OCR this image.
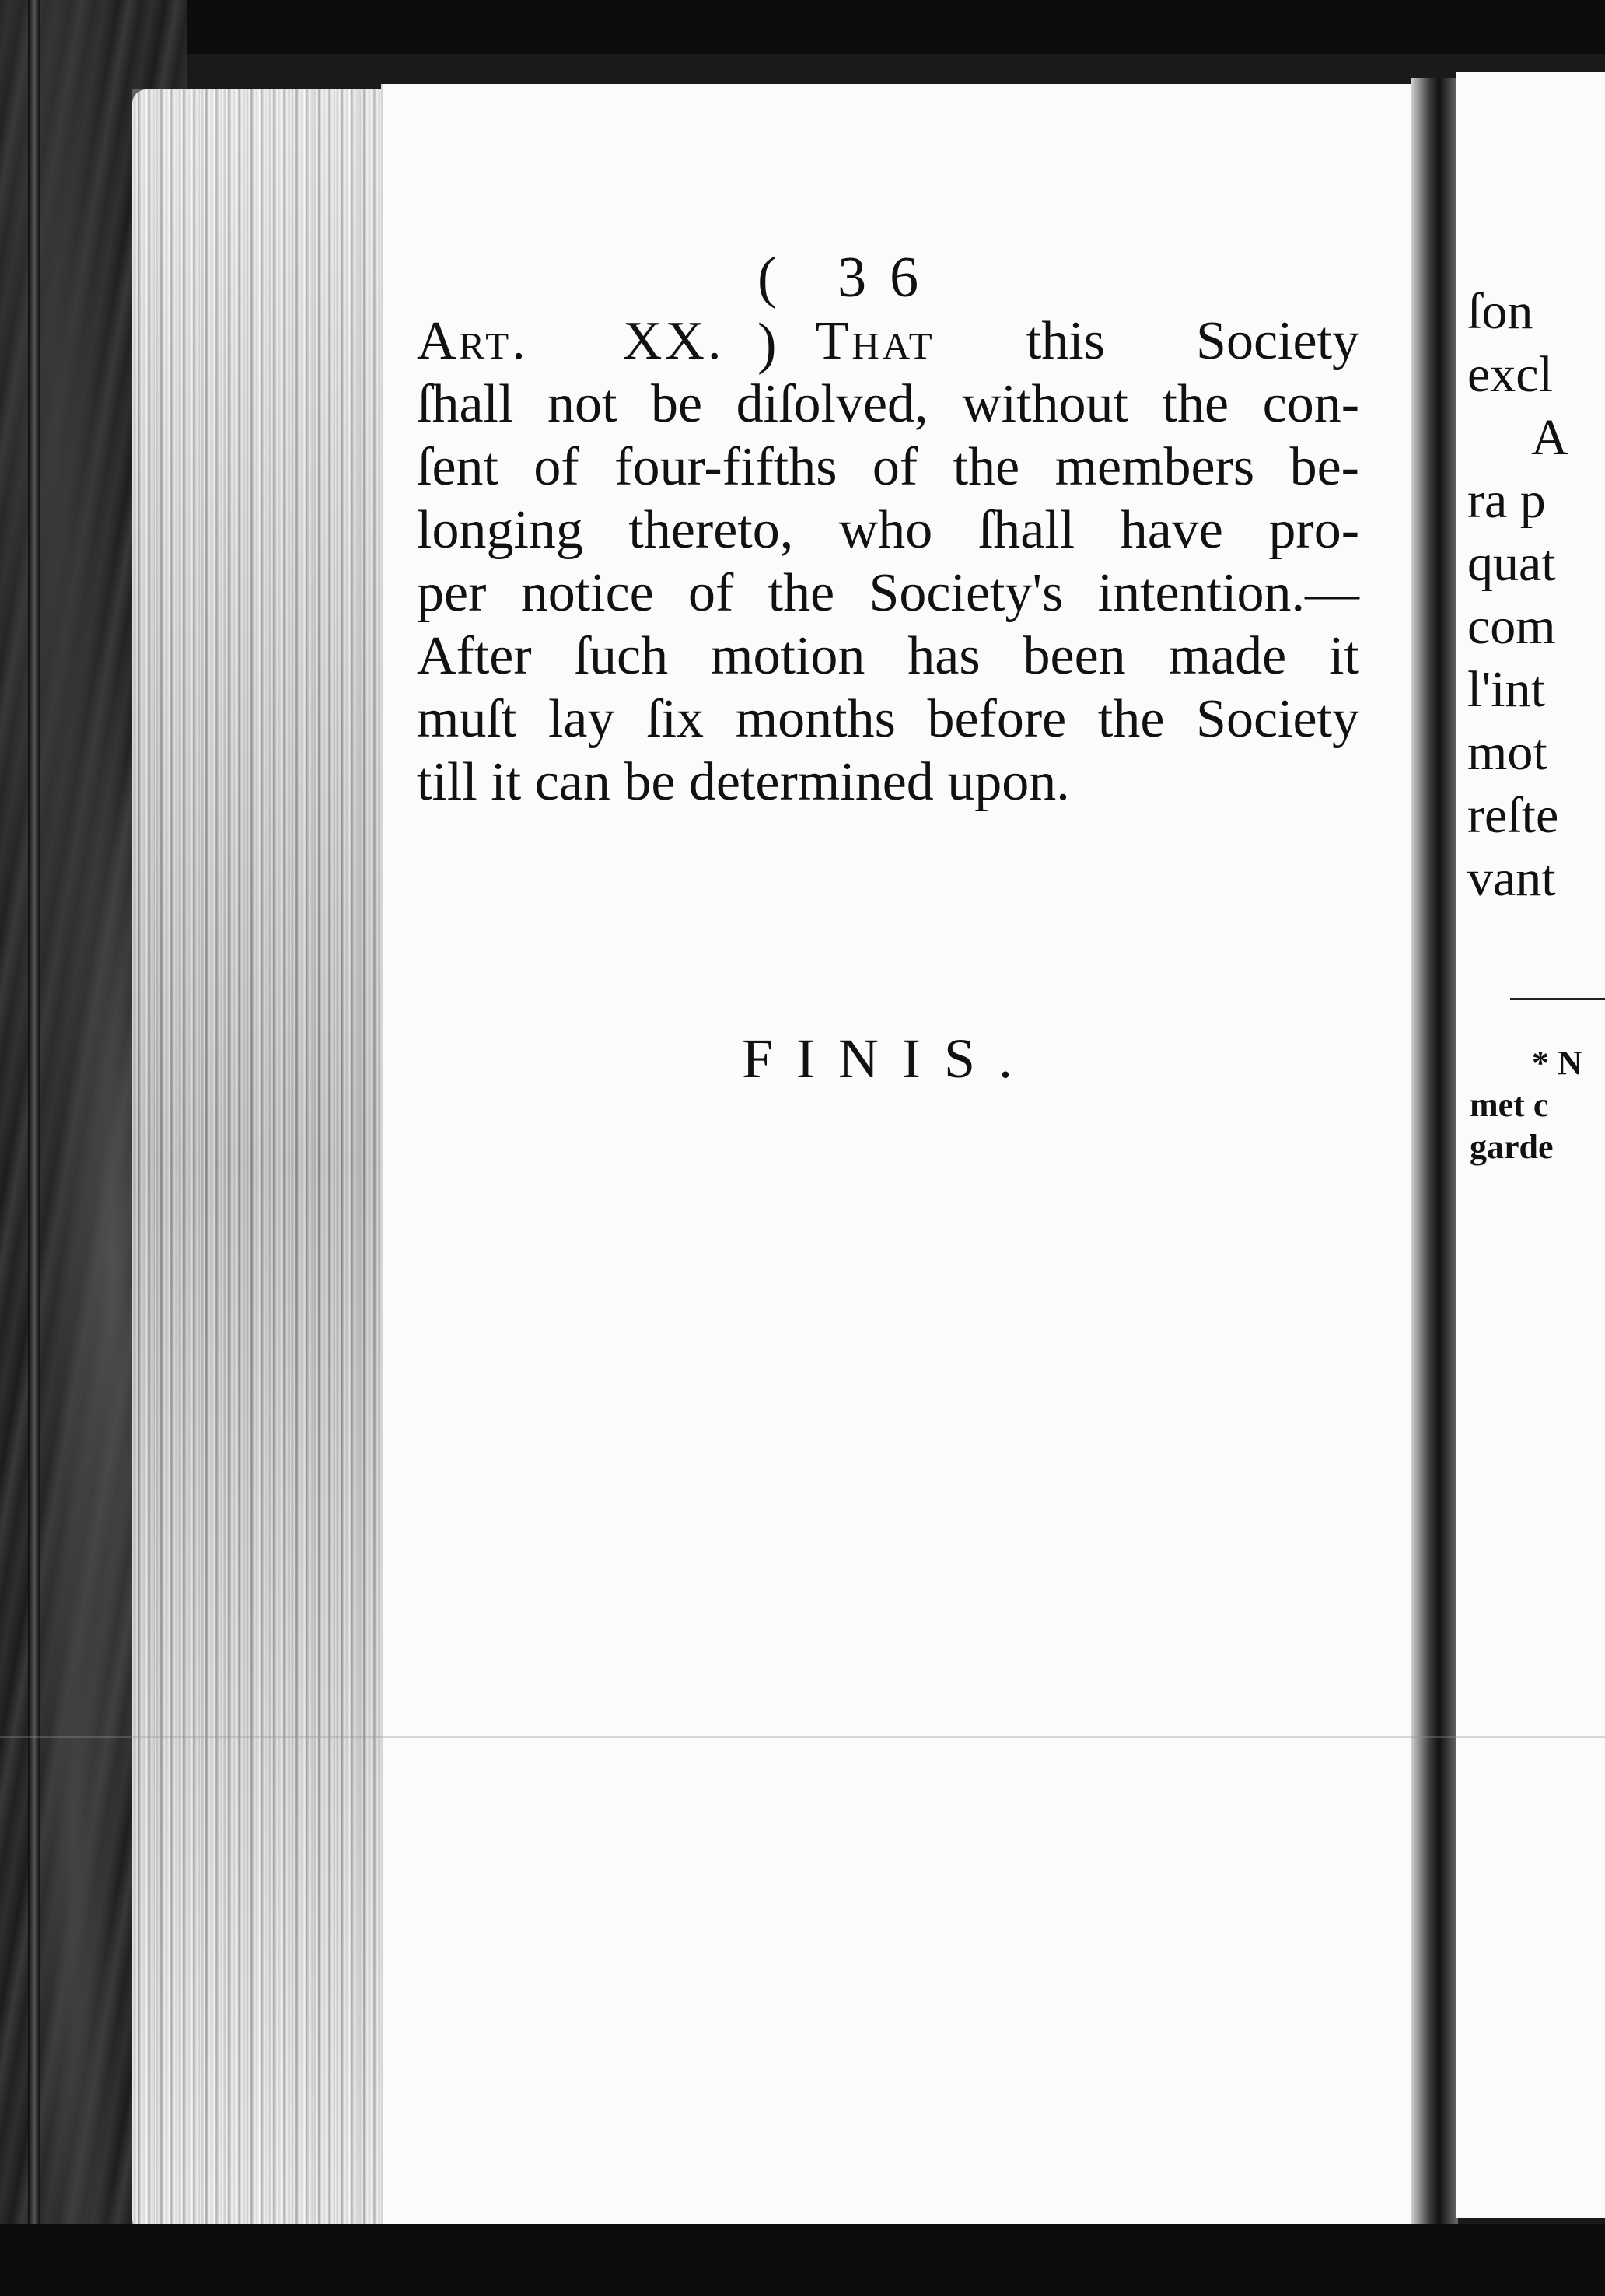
( 36 )
Art. XX. That this Society
ſhall not be diſolved, without the con-
ſent of four-fifths of the members be-
longing thereto, who ſhall have pro-
per notice of the Society's intention.—
After ſuch motion has been made it
muſt lay ſix months before the Society
till it can be determined upon.
FINIS.
ſon
excl
A
ra p
quat
com
l'int
mot
reſte
vant
* N
met c
garde
